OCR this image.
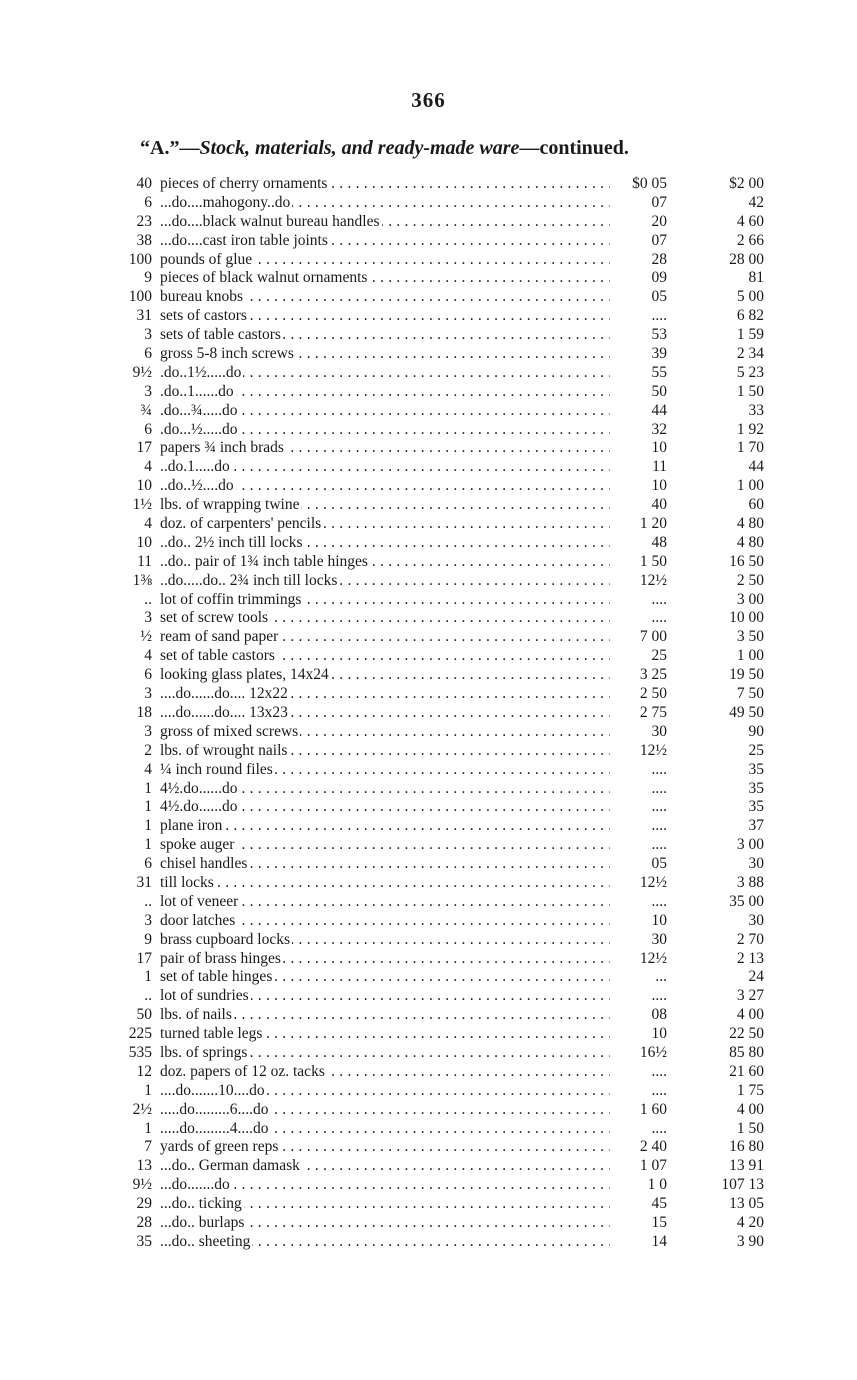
366
“A.”—Stock, materials, and ready-made ware—continued.
40 pieces of cherry ornaments . . .	$0 05	$2 00
6 ...do....mahogony..do . . .	07	42
23 ...do....black walnut bureau handles . . .	20	4 60
38 ...do....cast iron table joints . . .	07	2 66
100 pounds of glue . . .	28	28 00
9 pieces of black walnut ornaments . . .	09	81
100 bureau knobs . . .	05	5 00
31 sets of castors . . .	....	6 82
3 sets of table castors . . .	53	1 59
6 gross 5-8 inch screws . . .	39	2 34
9½ .do..1½.....do . . .	55	5 23
3 .do..1......do . . .	50	1 50
¾ .do...¾.....do . . .	44	33
6 .do...½.....do . . .	32	1 92
17 papers ¾ inch brads . . .	10	1 70
4 ..do.1.....do . . .	11	44
10 ..do..½....do . . .	10	1 00
1½ lbs. of wrapping twine . . .	40	60
4 doz. of carpenters' pencils . . .	1 20	4 80
10 ..do.. 2½ inch till locks . . .	48	4 80
11 ..do.. pair of 1¾ inch table hinges . . .	1 50	16 50
1⅜ ..do.....do.. 2¾ inch till locks . . .	12½	2 50
.. lot of coffin trimmings . . .	....	3 00
3 set of screw tools . . .	....	10 00
½ ream of sand paper . . .	7 00	3 50
4 set of table castors . . .	25	1 00
6 looking glass plates, 14x24 . . .	3 25	19 50
3 ....do......do.... 12x22 . . .	2 50	7 50
18 ....do......do.... 13x23 . . .	2 75	49 50
3 gross of mixed screws . . .	30	90
2 lbs. of wrought nails . . .	12½	25
4 ¼ inch round files . . .	....	35
1 4½.do......do . . .	....	35
1 4½.do......do . . .	....	35
1 plane iron . . .	....	37
1 spoke auger . . .	....	3 00
6 chisel handles . . .	05	30
31 till locks . . .	12½	3 88
.. lot of veneer . . .	....	35 00
3 door latches . . .	10	30
9 brass cupboard locks . . .	30	2 70
17 pair of brass hinges . . .	12½	2 13
1 set of table hinges . . .	...	24
.. lot of sundries . . .	....	3 27
50 lbs. of nails . . .	08	4 00
225 turned table legs . . .	10	22 50
535 lbs. of springs . . .	16½	85 80
12 doz. papers of 12 oz. tacks . . .	....	21 60
1 ....do.......10....do . . .	....	1 75
2½ .....do.........6....do . . .	1 60	4 00
1 .....do.........4....do . . .	....	1 50
7 yards of green reps . . .	2 40	16 80
13 ...do.. German damask . . .	1 07	13 91
9½ ...do.......do . . .	1 0	107 13
29 ...do.. ticking . . .	45	13 05
28 ...do.. burlaps . . .	15	4 20
35 ...do.. sheeting . . .	14	3 90
